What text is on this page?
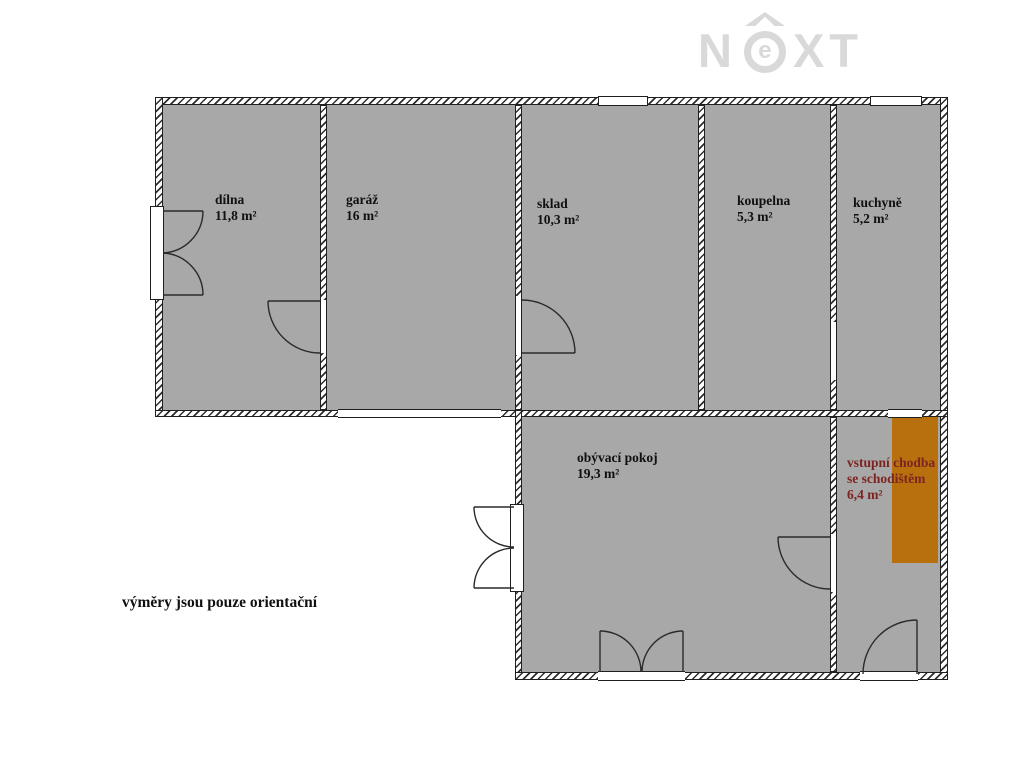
dílna
11,8 m²
garáž
16 m²
sklad
10,3 m²
koupelna
5,3 m²
kuchyně
5,2 m²
obývací pokoj
19,3 m²
vstupní chodba
se schodištěm
6,4 m²
výměry jsou pouze orientační
N e XT
